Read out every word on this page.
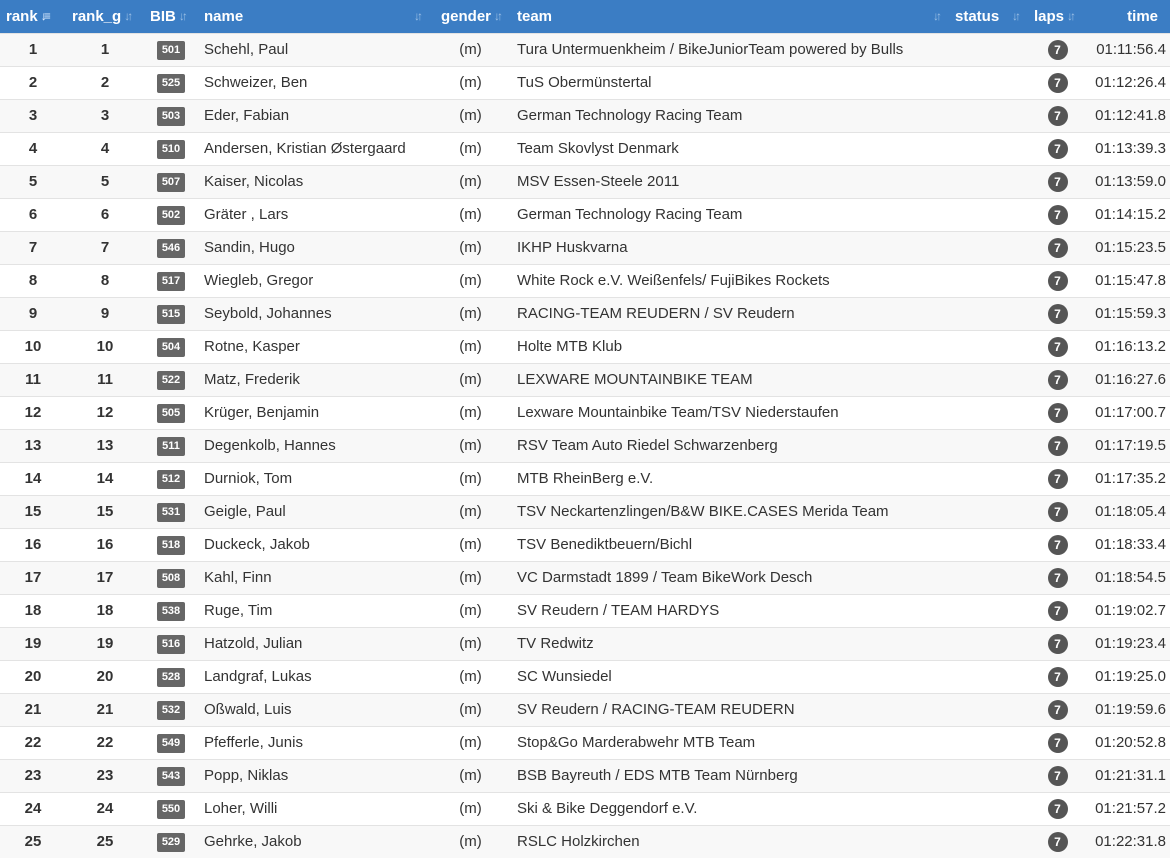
rank ↓≡	rank_g ↓↑	BIB ↓↑	name ↓↑	gender ↓↑	team ↓↑	status ↓↑	laps ↓↑	time
1	1	501	Schehl, Paul	(m)	Tura Untermuenkheim / BikeJuniorTeam powered by Bulls		7	01:11:56.4
2	2	525	Schweizer, Ben	(m)	TuS Obermünstertal		7	01:12:26.4
3	3	503	Eder, Fabian	(m)	German Technology Racing Team		7	01:12:41.8
4	4	510	Andersen, Kristian Østergaard	(m)	Team Skovlyst Denmark		7	01:13:39.3
5	5	507	Kaiser, Nicolas	(m)	MSV Essen-Steele 2011		7	01:13:59.0
6	6	502	Gräter , Lars	(m)	German Technology Racing Team		7	01:14:15.2
7	7	546	Sandin, Hugo	(m)	IKHP Huskvarna		7	01:15:23.5
8	8	517	Wiegleb, Gregor	(m)	White Rock e.V. Weißenfels/ FujiBikes Rockets		7	01:15:47.8
9	9	515	Seybold, Johannes	(m)	RACING-TEAM REUDERN / SV Reudern		7	01:15:59.3
10	10	504	Rotne, Kasper	(m)	Holte MTB Klub		7	01:16:13.2
11	11	522	Matz, Frederik	(m)	LEXWARE MOUNTAINBIKE TEAM		7	01:16:27.6
12	12	505	Krüger, Benjamin	(m)	Lexware Mountainbike Team/TSV Niederstaufen		7	01:17:00.7
13	13	511	Degenkolb, Hannes	(m)	RSV Team Auto Riedel Schwarzenberg		7	01:17:19.5
14	14	512	Durniok, Tom	(m)	MTB RheinBerg e.V.		7	01:17:35.2
15	15	531	Geigle, Paul	(m)	TSV Neckartenzlingen/B&W BIKE.CASES Merida Team		7	01:18:05.4
16	16	518	Duckeck, Jakob	(m)	TSV Benediktbeuern/Bichl		7	01:18:33.4
17	17	508	Kahl, Finn	(m)	VC Darmstadt 1899 / Team BikeWork Desch		7	01:18:54.5
18	18	538	Ruge, Tim	(m)	SV Reudern / TEAM HARDYS		7	01:19:02.7
19	19	516	Hatzold, Julian	(m)	TV Redwitz		7	01:19:23.4
20	20	528	Landgraf, Lukas	(m)	SC Wunsiedel		7	01:19:25.0
21	21	532	Oßwald, Luis	(m)	SV Reudern / RACING-TEAM REUDERN		7	01:19:59.6
22	22	549	Pfefferle, Junis	(m)	Stop&Go Marderabwehr MTB Team		7	01:20:52.8
23	23	543	Popp, Niklas	(m)	BSB Bayreuth / EDS MTB Team Nürnberg		7	01:21:31.1
24	24	550	Loher, Willi	(m)	Ski & Bike Deggendorf e.V.		7	01:21:57.2
25	25	529	Gehrke, Jakob	(m)	RSLC Holzkirchen		7	01:22:31.8
